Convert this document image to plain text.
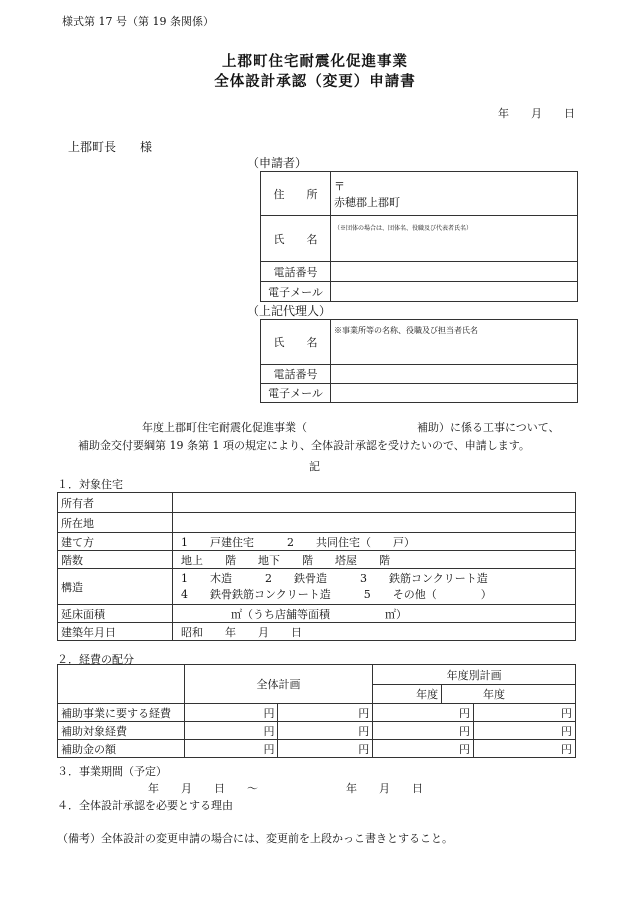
様式第 17 号（第 19 条関係）
上郡町住宅耐震化促進事業
全体設計承認（変更）申請書
年　　月　　日
上郡町長　　様
（申請者）
住　　所	〒
赤穂郡上郡町

氏　　名	（※団体の場合は、団体名、役職及び代表者氏名）
電話番号	
電子メール	
（上記代理人）
氏　　名	※事業所等の名称、役職及び担当者氏名
電話番号	
電子メール	
年度上郡町住宅耐震化促進事業（　　　　　　　　　　補助）に係る工事について、
補助金交付要綱第 19 条第 1 項の規定により、全体設計承認を受けたいので、申請します。
記
１．対象住宅
所有者	
所在地	
建て方	1　　戸建住宅　　　2　　共同住宅（　　戸）
階数	地上　　階　　地下　　階　　塔屋　　階
構造	1　　木造　　　2　　鉄骨造　　　3　　鉄筋コンクリート造
4　　鉄骨鉄筋コンクリート造　　　5　　その他（　　　　）

延床面積	㎡（うち店舗等面積　　　　　㎡）
建築年月日	昭和　　年　　月　　日
２．経費の配分
	全体計画		年度別計画		
			年度	年度	
補助事業に要する経費	円	円	円		円
補助対象経費	円	円	円		円
補助金の額	円	円	円		円
３．事業期間（予定）
年　　月　　日　　～　　　　　　　　年　　月　　日
４．全体設計承認を必要とする理由
（備考）全体設計の変更申請の場合には、変更前を上段かっこ書きとすること。
